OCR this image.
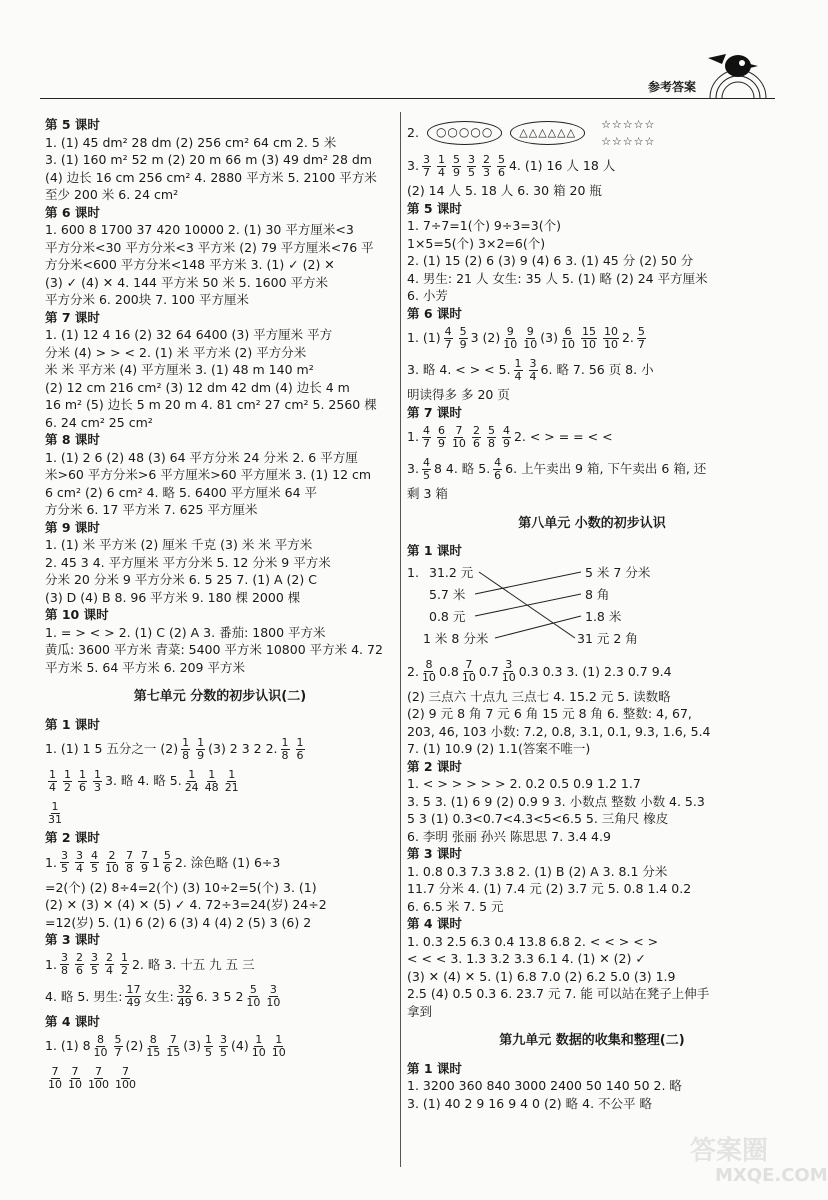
参考答案
第 5 课时
1. (1) 45 dm² 28 dm (2) 256 cm² 64 cm 2. 5 米
3. (1) 160 m² 52 m (2) 20 m 66 m (3) 49 dm² 28 dm
(4) 边长 16 cm 256 cm² 4. 2880 平方米 5. 2100 平方米
至少 200 米 6. 24 cm²
第 6 课时
1. 600 8 1700 37 420 10000 2. (1) 30 平方厘米<3
平方分米<30 平方分米<3 平方米 (2) 79 平方厘米<76 平
方分米<600 平方分米<148 平方米 3. (1) ✓ (2) ✕
(3) ✓ (4) ✕ 4. 144 平方米 50 米 5. 1600 平方米
平方分米 6. 200块 7. 100 平方厘米
第 7 课时
1. (1) 12 4 16 (2) 32 64 6400 (3) 平方厘米 平方
分米 (4) > > < 2. (1) 米 平方米 (2) 平方分米
米 米 平方米 (4) 平方厘米 3. (1) 48 m 140 m²
(2) 12 cm 216 cm² (3) 12 dm 42 dm (4) 边长 4 m
16 m² (5) 边长 5 m 20 m 4. 81 cm² 27 cm² 5. 2560 棵
6. 24 cm² 25 cm²
第 8 课时
1. (1) 2 6 (2) 48 (3) 64 平方分米 24 分米 2. 6 平方厘
米>60 平方分米>6 平方厘米>60 平方厘米 3. (1) 12 cm
6 cm² (2) 6 cm² 4. 略 5. 6400 平方厘米 64 平
方分米 6. 17 平方米 7. 625 平方厘米
第 9 课时
1. (1) 米 平方米 (2) 厘米 千克 (3) 米 米 平方米
2. 45 3 4. 平方厘米 平方分米 5. 12 分米 9 平方米
分米 20 分米 9 平方分米 6. 5 25 7. (1) A (2) C
(3) D (4) B 8. 96 平方米 9. 180 棵 2000 棵
第 10 课时
1. = > < > 2. (1) C (2) A 3. 番茄: 1800 平方米
黄瓜: 3600 平方米 青菜: 5400 平方米 10800 平方米 4. 72
平方米 5. 64 平方米 6. 209 平方米
第七单元 分数的初步认识(二)
第 1 课时
1. (1) 1 5 五分之一 $(2) \frac{1}{8} \frac{1}{9} (3)$ 2 3 2 2. $\frac{1}{8} \frac{1}{6}$
$\frac{1}{4} \frac{1}{2} \frac{1}{6} \frac{1}{3} 3$. 略 4. 略 5. $\frac{1}{24} \frac{1}{48} \frac{1}{21}$
$\frac{1}{31}$
第 2 课时
1. $\frac{3}{5} \frac{3}{4} \frac{4}{5} \frac{2}{10} \frac{7}{8} \frac{7}{9} 1 \frac{5}{6} 2$. 涂色略 (1) 6÷3
=2(个) (2) 8÷4=2(个) (3) 10÷2=5(个) 3. (1)
(2) ✕ (3) ✕ (4) ✕ (5) ✓ 4. 72÷3=24(岁) 24÷2
=12(岁) 5. (1) 6 (2) 6 (3) 4 (4) 2 (5) 3 (6) 2
第 3 课时
1. $\frac{3}{8} \frac{2}{6} \frac{3}{5} \frac{2}{4} \frac{1}{2} 2$. 略 3. 十五 九 五 三
4. 略 5. 男生: $\frac{17}{49}$ 女生: $\frac{32}{49} 6$. 3 5 $2 \frac{5}{10} \frac{3}{10}$
第 4 课时
1. (1) $8 \frac{8}{10} \frac{5}{7} (2) \frac{8}{15} \frac{7}{15} (3) \frac{1}{5} \frac{3}{5} (4) \frac{1}{10} \frac{1}{10}$
$\frac{7}{10} \frac{7}{10} \frac{7}{100} \frac{7}{100}$
2.	○○○○○	△△△△△△
☆☆☆☆☆ ☆☆☆☆☆
3. $\frac{3}{7} \frac{1}{4} \frac{5}{9} \frac{3}{5} \frac{2}{3} \frac{5}{6} 4$. (1) 16 人 18 人
(2) 14 人 5. 18 人 6. 30 箱 20 瓶
第 5 课时
1. 7÷7=1(个) 9÷3=3(个)
1×5=5(个) 3×2=6(个)
2. (1) 15 (2) 6 (3) 9 (4) 6 3. (1) 45 分 (2) 50 分
4. 男生: 21 人 女生: 35 人 5. (1) 略 (2) 24 平方厘米
6. 小芳
第 6 课时
1. $(1) \frac{4}{7} \frac{5}{9} 3$ $(2) \frac{9}{10} \frac{9}{10} (3) \frac{6}{10} \frac{15}{10} \frac{10}{10} 2$. $\frac{5}{7}$
3. 略 4. < > < 5. $\frac{1}{4} \frac{3}{4} 6$. 略 7. 56 页 8. 小
明读得多 多 20 页
第 7 课时
1. $\frac{4}{7} \frac{6}{9} \frac{7}{10} \frac{2}{6} \frac{5}{8} \frac{4}{9} 2$. < > = = < <
3. $\frac{4}{5} 8$ 4. 略 5. $\frac{4}{6} 6$. 上午卖出 9 箱, 下午卖出 6 箱, 还
剩 3 箱
第八单元 小数的初步认识
第 1 课时
1. 31.2 元
5.7 米
0.8 元
1 米 8 分米
5 米 7 分米
8 角
1.8 米
31 元 2 角
2. $\frac{8}{10} 0.8 \frac{7}{10} 0.7 \frac{3}{10} 0.3$ 0.3 3. (1) 2.3 0.7 9.4
(2) 三点六 十点九 三点七 4. 15.2 元 5. 读数略
(2) 9 元 8 角 7 元 6 角 15 元 8 角 6. 整数: 4, 67,
203, 46, 103 小数: 7.2, 0.8, 3.1, 0.1, 9.3, 1.6, 5.4
7. (1) 10.9 (2) 1.1(答案不唯一)
第 2 课时
1. < > > > > > 2. 0.2 0.5 0.9 1.2 1.7
3. 5 3. (1) 6 9 (2) 0.9 9 3. 小数点 整数 小数 4. 5.3
5 3 (1) 0.3<0.7<4.3<5<6.5 5. 三角尺 橡皮
6. 李明 张丽 孙兴 陈思思 7. 3.4 4.9
第 3 课时
1. 0.8 0.3 7.3 3.8 2. (1) B (2) A 3. 8.1 分米
11.7 分米 4. (1) 7.4 元 (2) 3.7 元 5. 0.8 1.4 0.2
6. 6.5 米 7. 5 元
第 4 课时
1. 0.3 2.5 6.3 0.4 13.8 6.8 2. < < > < >
< < < 3. 1.3 3.2 3.3 6.1 4. (1) ✕ (2) ✓
(3) ✕ (4) ✕ 5. (1) 6.8 7.0 (2) 6.2 5.0 (3) 1.9
2.5 (4) 0.5 0.3 6. 23.7 元 7. 能 可以站在凳子上伸手
拿到
第九单元 数据的收集和整理(二)
第 1 课时
1. 3200 360 840 3000 2400 50 140 50 2. 略
3. (1) 40 2 9 16 9 4 0 (2) 略 4. 不公平 略
答案圈
MXQE.COM
